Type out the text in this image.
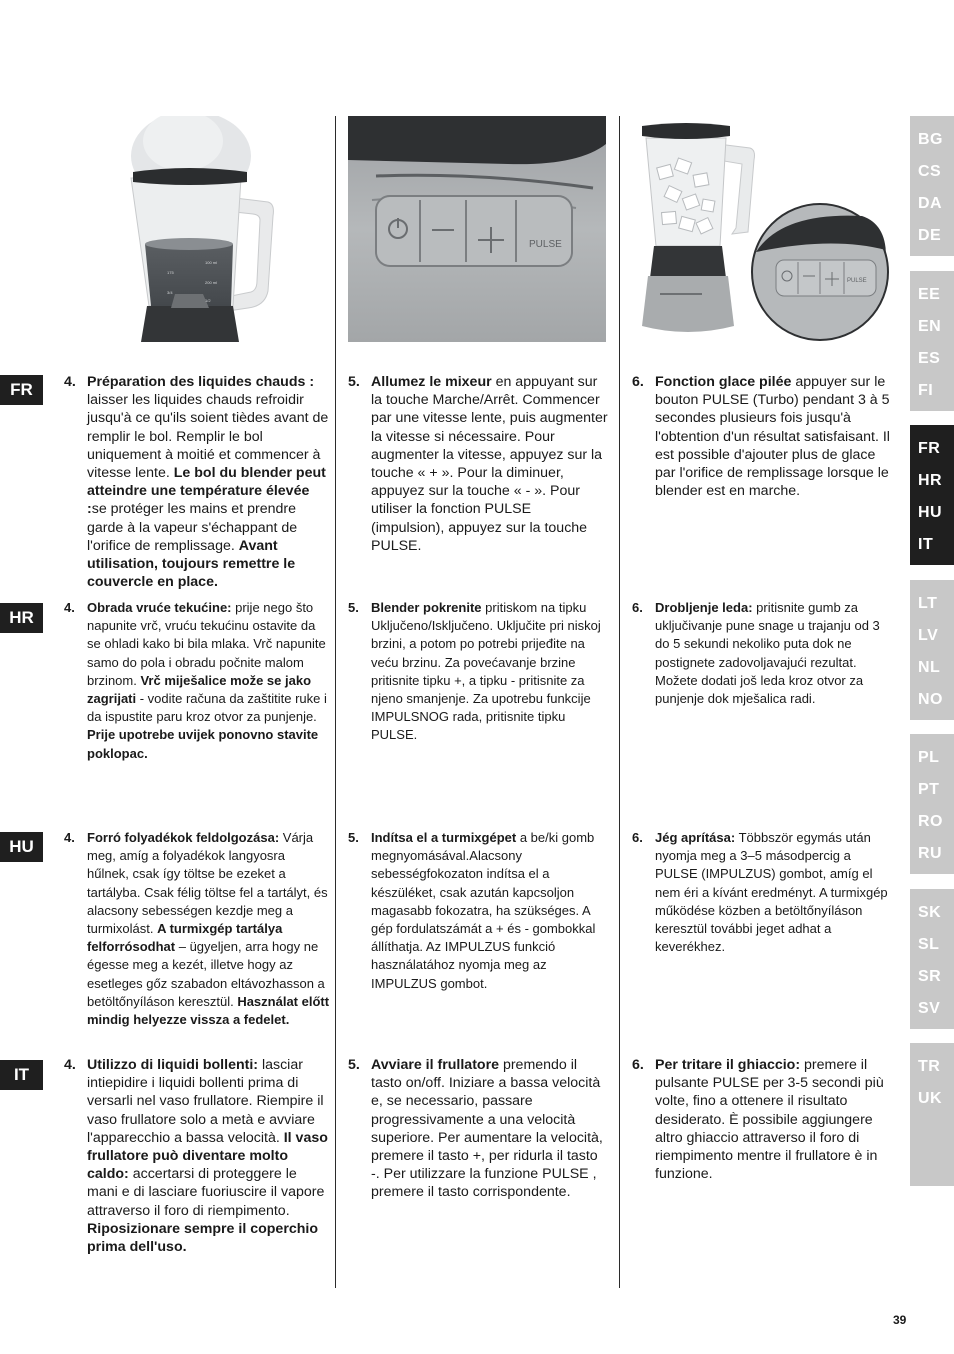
100 ml
175
200 ml
3/4
1/2
PULSE
PULSE
FR	4. Préparation des liquides chauds : laisser les liquides chauds refroidir jusqu'à ce qu'ils soient tièdes avant de remplir le bol. Remplir le bol uniquement à moitié et commencer à vitesse lente. Le bol du blender peut atteindre une température élevée :se protéger les mains et prendre garde à la vapeur s'échappant de l'orifice de remplissage. Avant utilisation, toujours remettre le couvercle en place.
5. Allumez le mixeur en appuyant sur la touche Marche/Arrêt. Commencer par une vitesse lente, puis augmenter la vitesse si nécessaire. Pour augmenter la vitesse, appuyez sur la touche « + ». Pour la diminuer, appuyez sur la touche « - ». Pour utiliser la fonction PULSE (impulsion), appuyez sur la touche PULSE.
6. Fonction glace pilée appuyer sur le bouton PULSE (Turbo) pendant 3 à 5 secondes plusieurs fois jusqu'à l'obtention d'un résultat satisfaisant. Il est possible d'ajouter plus de glace par l'orifice de remplissage lorsque le blender est en marche.
HR
4. Obrada vruće tekućine: prije nego što napunite vrč, vruću tekućinu ostavite da se ohladi kako bi bila mlaka. Vrč napunite samo do pola i obradu počnite malom brzinom. Vrč miješalice može se jako zagrijati - vodite računa da zaštitite ruke i da ispustite paru kroz otvor za punjenje. Prije upotrebe uvijek ponovno stavite poklopac.
5. Blender pokrenite pritiskom na tipku Uključeno/Isključeno. Uključite pri niskoj brzini, a potom po potrebi prijeđite na veću brzinu. Za povećavanje brzine pritisnite tipku +, a tipku - pritisnite za njeno smanjenje. Za upotrebu funkcije IMPULSNOG rada, pritisnite tipku PULSE.
6. Drobljenje leda: pritisnite gumb za uključivanje pune snage u trajanju od 3 do 5 sekundi nekoliko puta dok ne postignete zadovoljavajući rezultat. Možete dodati još leda kroz otvor za punjenje dok mješalica radi.
HU	4. Forró folyadékok feldolgozása: Várja meg, amíg a folyadékok langyosra hűlnek, csak így töltse be ezeket a tartályba. Csak félig töltse fel a tartályt, és alacsony sebességen kezdje meg a turmixolást. A turmixgép tartálya felforrósodhat – ügyeljen, arra hogy ne égesse meg a kezét, illetve hogy az esetleges gőz szabadon eltávozhasson a betöltőnyíláson keresztül. Használat előtt mindig helyezze vissza a fedelet.
5. Indítsa el a turmixgépet a be/ki gomb megnyomásával.Alacsony sebességfokozaton indítsa el a készüléket, csak azután kapcsoljon magasabb fokozatra, ha szükséges. A gép fordulatszámát a + és - gombokkal állíthatja. Az IMPULZUS funkció használatához nyomja meg az IMPULZUS gombot.
6. Jég aprítása: Többször egymás után nyomja meg a 3–5 másodpercig a PULSE (IMPULZUS) gombot, amíg el nem éri a kívánt eredményt. A turmixgép működése közben a betöltőnyíláson keresztül további jeget adhat a keverékhez.
IT	4. Utilizzo di liquidi bollenti: lasciar intiepidire i liquidi bollenti prima di versarli nel vaso frullatore. Riempire il vaso frullatore solo a metà e avviare l'apparecchio a bassa velocità. Il vaso frullatore può diventare molto caldo: accertarsi di proteggere le mani e di lasciare fuoriuscire il vapore attraverso il foro di riempimento. Riposizionare sempre il coperchio prima dell'uso.
5. Avviare il frullatore premendo il tasto on/off. Iniziare a bassa velocità e, se necessario, passare progressivamente a una velocità superiore. Per aumentare la velocità, premere il tasto +, per ridurla il tasto -. Per utilizzare la funzione PULSE , premere il tasto corrispondente.
6. Per tritare il ghiaccio: premere il pulsante PULSE per 3-5 secondi più volte, fino a ottenere il risultato desiderato. È possibile aggiungere altro ghiaccio attraverso il foro di riempimento mentre il frullatore è in funzione.
BG
CS
DA
DE
EE
EN
ES
FI
FR
HR
HU
IT
LT
LV
NL
NO
PL
PT
RO
RU
SK
SL
SR
SV
TR
UK
39
